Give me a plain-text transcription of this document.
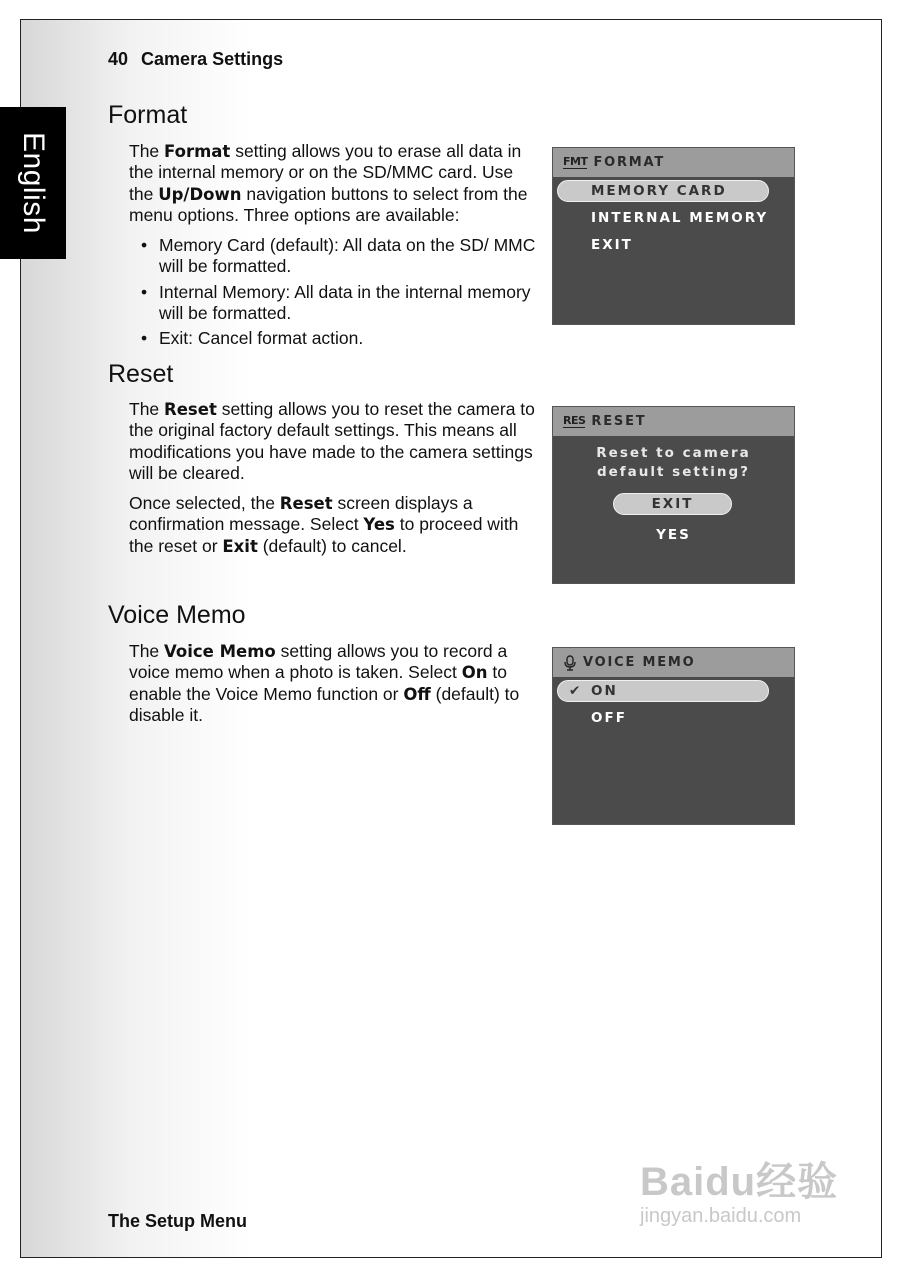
English
40 Camera Settings
Format

The Format setting allows you to erase all data in the internal memory or on the SD/MMC card. Use the Up/Down navigation buttons to select from the menu options. Three options are available:

• Memory Card (default): All data on the SD/ MMC will be formatted.
• Internal Memory: All data in the internal memory will be formatted.
• Exit: Cancel format action.
FMT FORMAT
MEMORY CARD
INTERNAL MEMORY
EXIT
Reset

The Reset setting allows you to reset the camera to the original factory default settings. This means all modifications you have made to the camera settings will be cleared.

Once selected, the Reset screen displays a confirmation message. Select Yes to proceed with the reset or Exit (default) to cancel.

RES RESET
Reset to camera
default setting?
EXIT
YES
Voice Memo

The Voice Memo setting allows you to record a voice memo when a photo is taken. Select On to enable the Voice Memo function or Off (default) to disable it.

VOICE MEMO
✔ ON
OFF
The Setup Menu
Baidu经验
jingyan.baidu.com
